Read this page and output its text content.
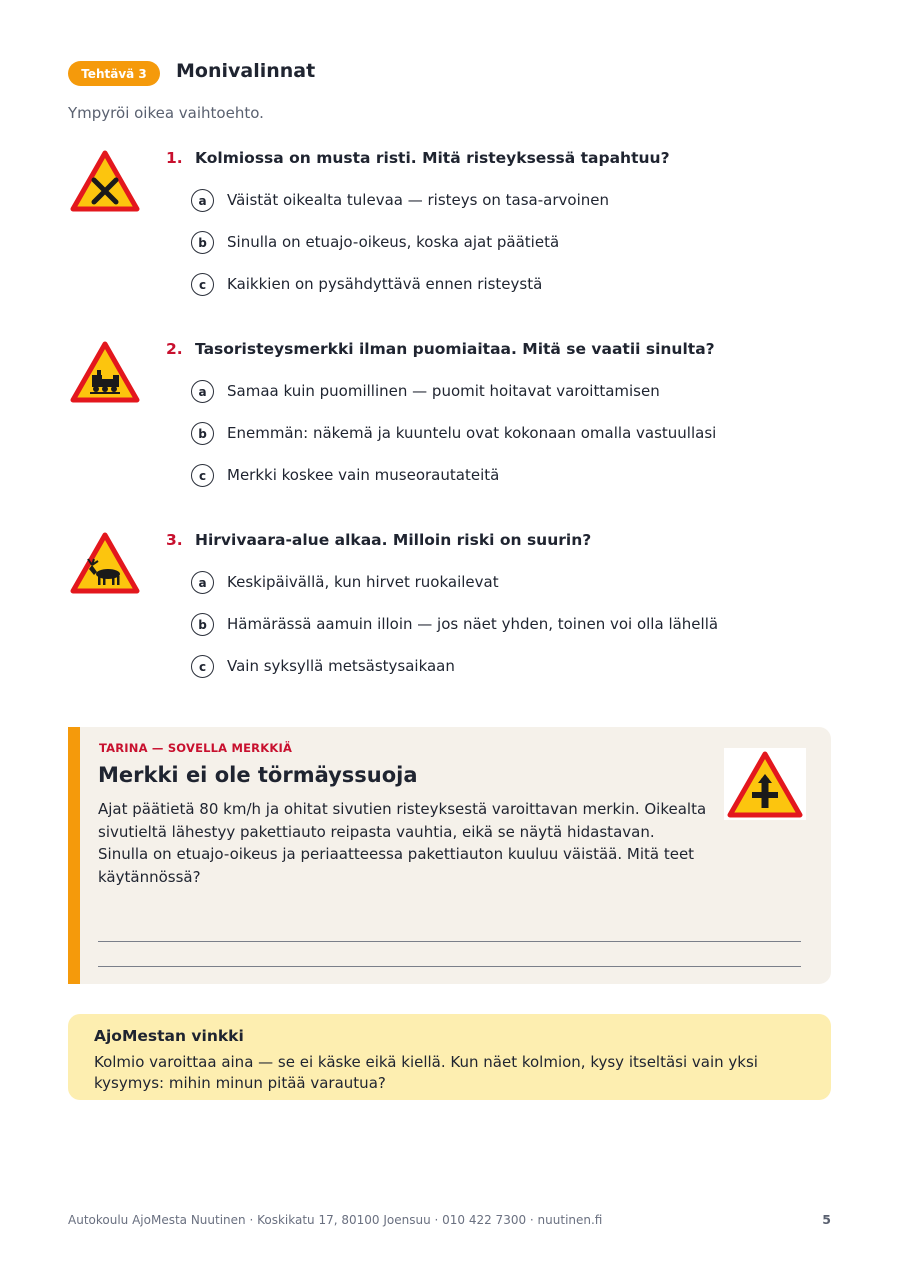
Tehtävä 3	Monivalinnat
Ympyröi oikea vaihtoehto.
1. Kolmiossa on musta risti. Mitä risteyksessä tapahtuu?
a	Väistät oikealta tulevaa — risteys on tasa-arvoinen
b	Sinulla on etuajo-oikeus, koska ajat päätietä
c	Kaikkien on pysähdyttävä ennen risteystä
2. Tasoristeysmerkki ilman puomiaitaa. Mitä se vaatii sinulta?
a	Samaa kuin puomillinen — puomit hoitavat varoittamisen
b	Enemmän: näkemä ja kuuntelu ovat kokonaan omalla vastuullasi
c	Merkki koskee vain museorautateitä
3. Hirvivaara-alue alkaa. Milloin riski on suurin?
a	Keskipäivällä, kun hirvet ruokailevat
b	Hämärässä aamuin illoin — jos näet yhden, toinen voi olla lähellä
c	Vain syksyllä metsästysaikaan
TARINA — SOVELLA MERKKIÄ
Merkki ei ole törmäyssuoja
Ajat päätietä 80 km/h ja ohitat sivutien risteyksestä varoittavan merkin. Oikealta sivutieltä lähestyy pakettiauto reipasta vauhtia, eikä se näytä hidastavan. Sinulla on etuajo-oikeus ja periaatteessa pakettiauton kuuluu väistää. Mitä teet käytännössä?
AjoMestan vinkki
Kolmio varoittaa aina — se ei käske eikä kiellä. Kun näet kolmion, kysy itseltäsi vain yksi kysymys: mihin minun pitää varautua?
Autokoulu AjoMesta Nuutinen · Koskikatu 17, 80100 Joensuu · 010 422 7300 · nuutinen.fi	5
